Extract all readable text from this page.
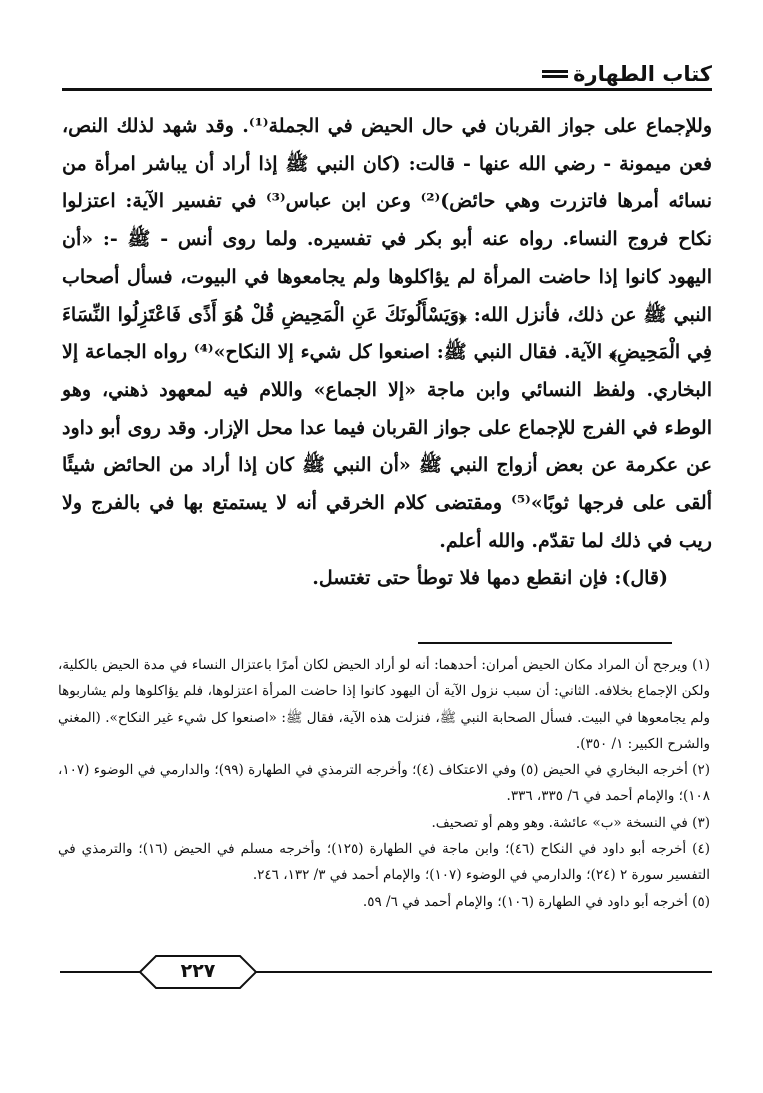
كتاب الطهارة

وللإجماع على جواز القربان في حال الحيض في الجملة⁽¹⁾. وقد شهد لذلك النص، فعن ميمونة - رضي الله عنها - قالت: (كان النبي ﷺ إذا أراد أن يباشر امرأة من نسائه أمرها فاتزرت وهي حائض)⁽²⁾ وعن ابن عباس⁽³⁾ في تفسير الآية: اعتزلوا نكاح فروج النساء. رواه عنه أبو بكر في تفسيره. ولما روى أنس - ﷺ -: «أن اليهود كانوا إذا حاضت المرأة لم يؤاكلوها ولم يجامعوها في البيوت، فسأل أصحاب النبي ﷺ عن ذلك، فأنزل الله: ﴿وَيَسْأَلُونَكَ عَنِ الْمَحِيضِ قُلْ هُوَ أَذًى فَاعْتَزِلُوا النِّسَاءَ فِي الْمَحِيضِ﴾ الآية. فقال النبي ﷺ: اصنعوا كل شيء إلا النكاح»⁽⁴⁾ رواه الجماعة إلا البخاري. ولفظ النسائي وابن ماجة «إلا الجماع» واللام فيه لمعهود ذهني، وهو الوطء في الفرج للإجماع على جواز القربان فيما عدا محل الإزار. وقد روى أبو داود عن عكرمة عن بعض أزواج النبي ﷺ «أن النبي ﷺ كان إذا أراد من الحائض شيئًا ألقى على فرجها ثوبًا»⁽⁵⁾ ومقتضى كلام الخرقي أنه لا يستمتع بها في بالفرج ولا ريب في ذلك لما تقدّم. والله أعلم.

(قال): فإن انقطع دمها فلا توطأ حتى تغتسل.

(١) ويرجح أن المراد مكان الحيض أمران: أحدهما: أنه لو أراد الحيض لكان أمرًا باعتزال النساء في مدة الحيض بالكلية، ولكن الإجماع بخلافه. الثاني: أن سبب نزول الآية أن اليهود كانوا إذا حاضت المرأة اعتزلوها، فلم يؤاكلوها ولم يشاربوها ولم يجامعوها في البيت. فسأل الصحابة النبي ﷺ، فنزلت هذه الآية، فقال ﷺ: «اصنعوا كل شيء غير النكاح». (المغني والشرح الكبير: ١/ ٣٥٠).

(٢) أخرجه البخاري في الحيض (٥) وفي الاعتكاف (٤)؛ وأخرجه الترمذي في الطهارة (٩٩)؛ والدارمي في الوضوء (١٠٧، ١٠٨)؛ والإمام أحمد في ٦/ ٣٣٥، ٣٣٦.

(٣) في النسخة «ب» عائشة. وهو وهم أو تصحيف.

(٤) أخرجه أبو داود في النكاح (٤٦)؛ وابن ماجة في الطهارة (١٢٥)؛ وأخرجه مسلم في الحيض (١٦)؛ والترمذي في التفسير سورة ٢ (٢٤)؛ والدارمي في الوضوء (١٠٧)؛ والإمام أحمد في ٣/ ١٣٢، ٢٤٦.

(٥) أخرجه أبو داود في الطهارة (١٠٦)؛ والإمام أحمد في ٦/ ٥٩.

٢٢٧
